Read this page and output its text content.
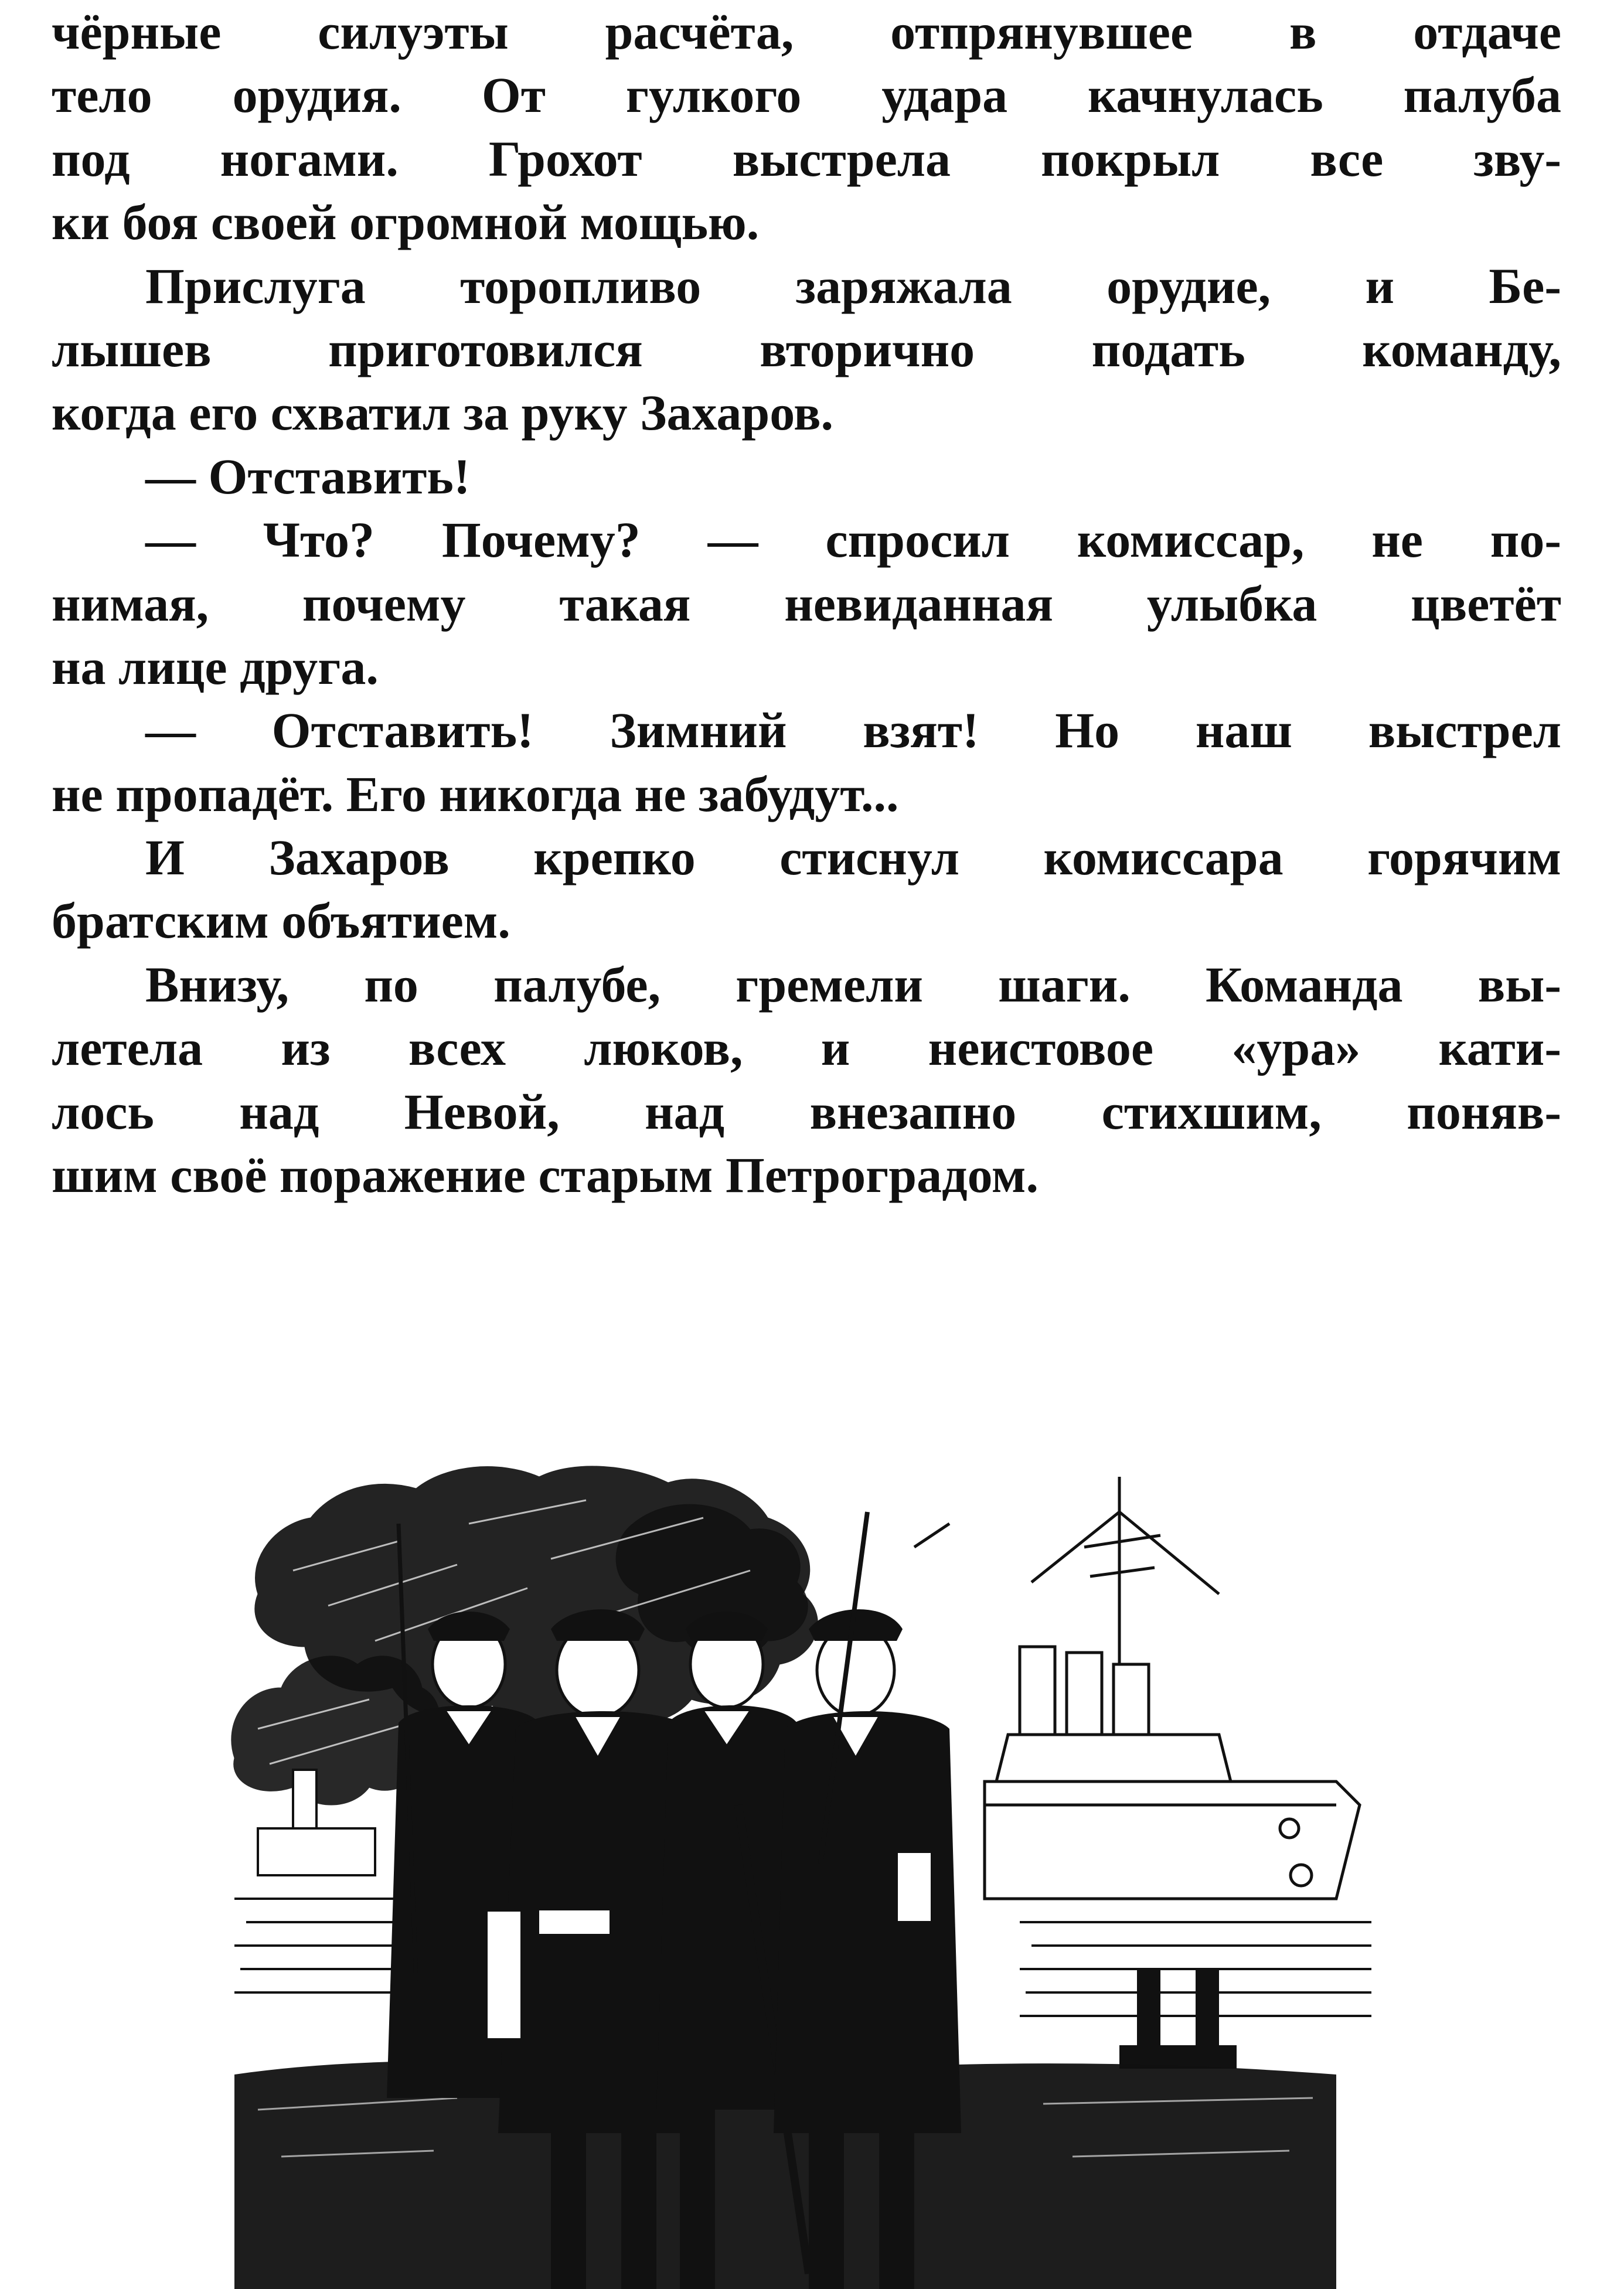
чёрные силуэты расчёта, отпрянувшее в отдаче
тело орудия. От гулкого удара качнулась палуба
под ногами. Грохот выстрела покрыл все зву-
ки боя своей огромной мощью.
Прислуга торопливо заряжала орудие, и Бе-
лышев приготовился вторично подать команду,
когда его схватил за руку Захаров.
— Отставить!
— Что? Почему? — спросил комиссар, не по-
нимая, почему такая невиданная улыбка цветёт
на лице друга.
— Отставить! Зимний взят! Но наш выстрел
не пропадёт. Его никогда не забудут...
И Захаров крепко стиснул комиссара горячим
братским объятием.
Внизу, по палубе, гремели шаги. Команда вы-
летела из всех люков, и неистовое «ура» кати-
лось над Невой, над внезапно стихшим, поняв-
шим своё поражение старым Петроградом.
